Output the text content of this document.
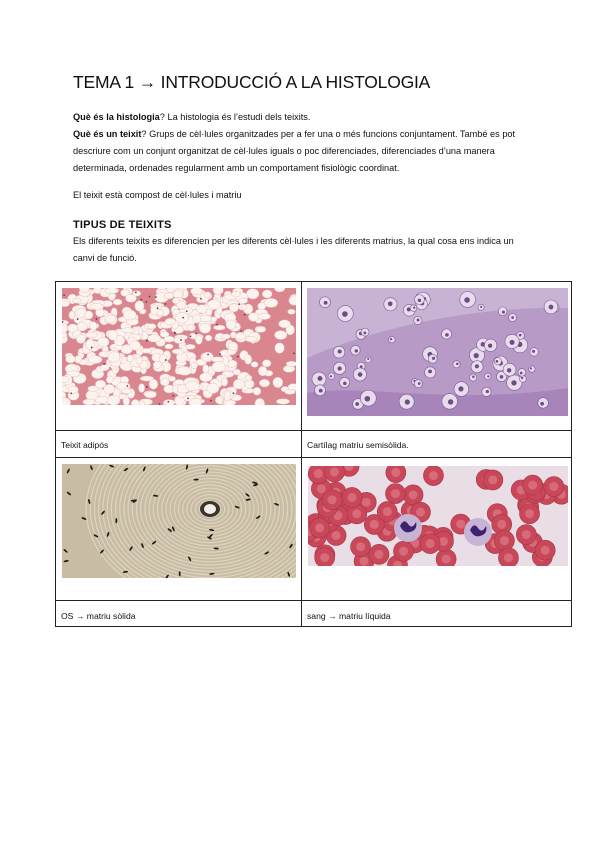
TEMA 1 → INTRODUCCIÓ A LA HISTOLOGIA

Què és la histologia? La histologia és l’estudi dels teixits.

Què és un teixit? Grups de cèl·lules organitzades per a fer una o més funcions conjuntament. També es pot descriure com un conjunt organitzat de cèl·lules iguals o poc diferenciades, diferenciades d’una manera determinada, ordenades regularment amb un comportament fisiològic coordinat.

El teixit està compost de cèl·lules i matriu

TIPUS DE TEIXITS

Els diferents teixits es diferencien per les diferents cèl·lules i les diferents matrius, la qual cosa ens indica un canvi de funció.

Teixit adipós	Cartílag matriu semisòlida.
OS → matriu sòlida	sang → matriu líquida
